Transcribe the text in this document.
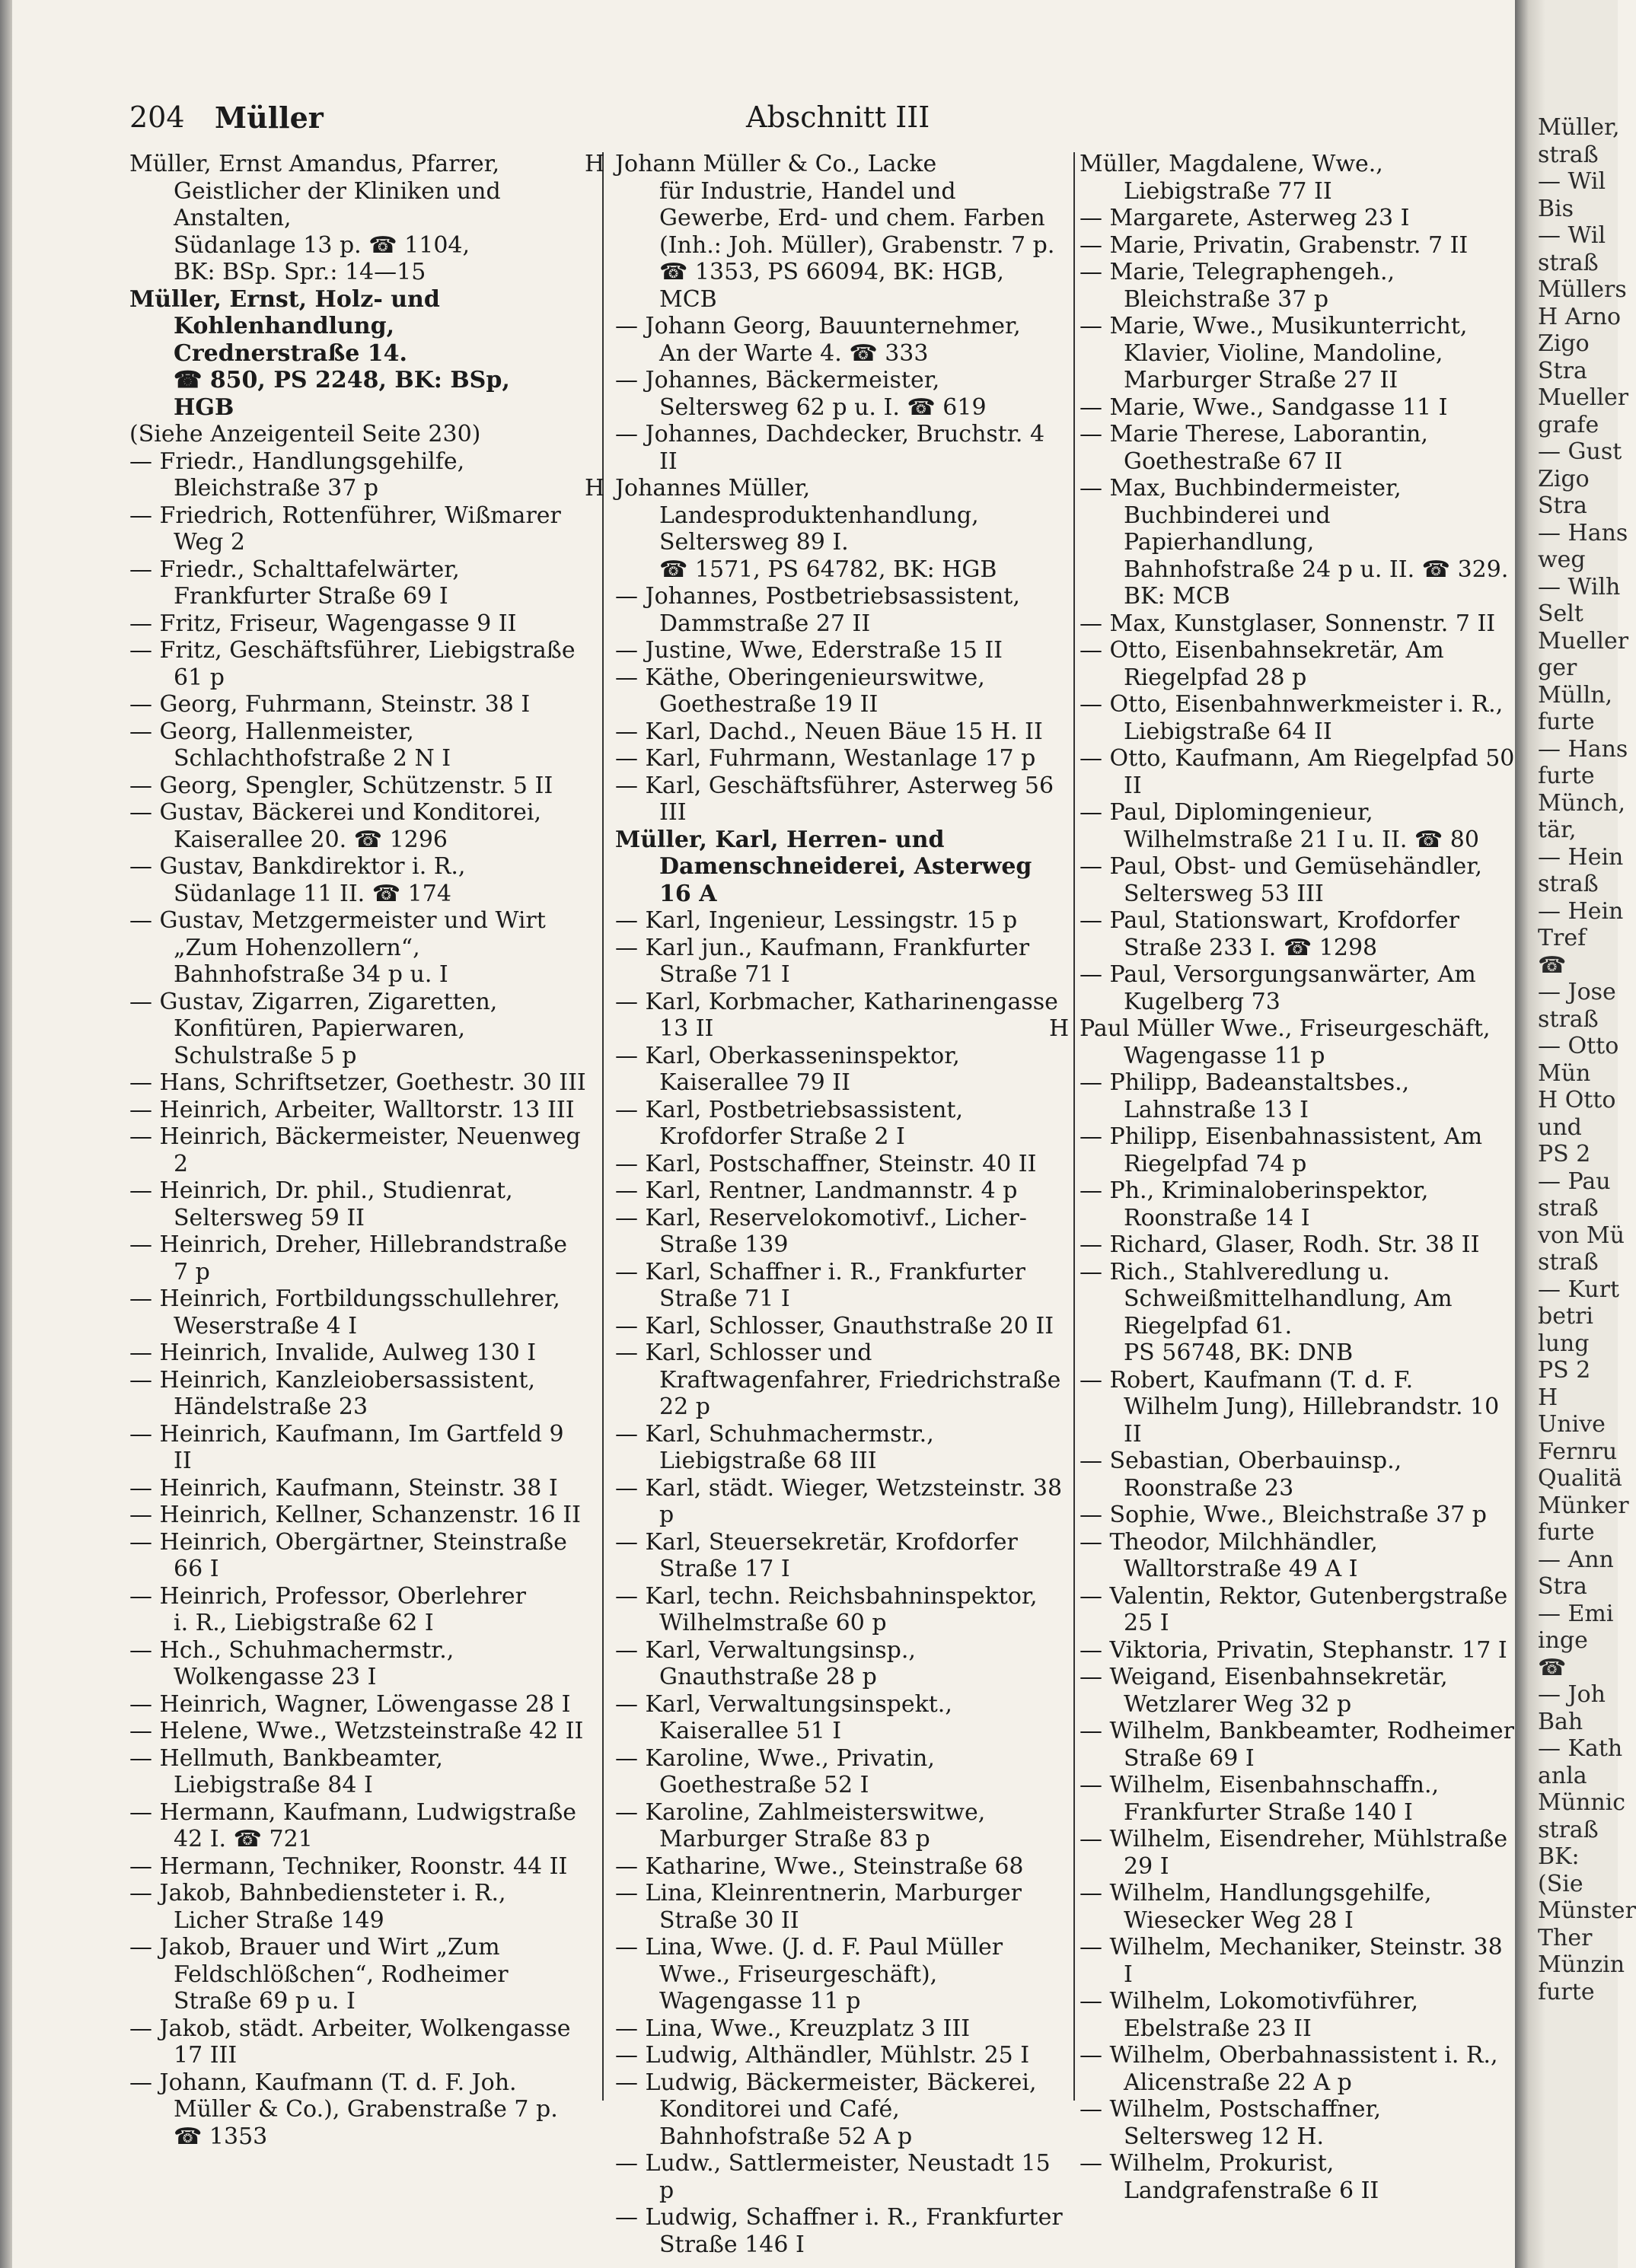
204 Müller	Abschnitt III

Müller, Ernst Amandus, Pfarrer, Geistlicher der Kliniken und Anstalten,
Südanlage 13 p. ☎ 1104,
BK: BSp. Spr.: 14—15

Müller, Ernst, Holz- und Kohlenhandlung, Crednerstraße 14.
☎ 850, PS 2248, BK: BSp,
HGB

(Siehe Anzeigenteil Seite 230)

— Friedr., Handlungsgehilfe, Bleichstraße 37 p

— Friedrich, Rottenführer, Wißmarer Weg 2

— Friedr., Schalttafelwärter, Frankfurter Straße 69 I

— Fritz, Friseur, Wagengasse 9 II

— Fritz, Geschäftsführer, Liebigstraße 61 p

— Georg, Fuhrmann, Steinstr. 38 I

— Georg, Hallenmeister, Schlachthofstraße 2 N I

— Georg, Spengler, Schützenstr. 5 II

— Gustav, Bäckerei und Konditorei,
Kaiserallee 20. ☎ 1296

— Gustav, Bankdirektor i. R., Südanlage 11 II. ☎ 174

— Gustav, Metzgermeister und Wirt
„Zum Hohenzollern“, Bahnhofstraße 34 p u. I

— Gustav, Zigarren, Zigaretten,
Konfitüren, Papierwaren, Schulstraße 5 p

— Hans, Schriftsetzer, Goethestr. 30 III

— Heinrich, Arbeiter, Walltorstr. 13 III

— Heinrich, Bäckermeister, Neuenweg 2

— Heinrich, Dr. phil., Studienrat,
Seltersweg 59 II

— Heinrich, Dreher, Hillebrandstraße 7 p

— Heinrich, Fortbildungsschullehrer,
Weserstraße 4 I

— Heinrich, Invalide, Aulweg 130 I

— Heinrich, Kanzleiobersassistent,
Händelstraße 23

— Heinrich, Kaufmann, Im Gartfeld 9 II

— Heinrich, Kaufmann, Steinstr. 38 I

— Heinrich, Kellner, Schanzenstr. 16 II

— Heinrich, Obergärtner, Steinstraße 66 I

— Heinrich, Professor, Oberlehrer
i. R., Liebigstraße 62 I

— Hch., Schuhmachermstr., Wolkengasse 23 I

— Heinrich, Wagner, Löwengasse 28 I

— Helene, Wwe., Wetzsteinstraße 42 II

— Hellmuth, Bankbeamter, Liebigstraße 84 I

— Hermann, Kaufmann, Ludwigstraße 42 I. ☎ 721

— Hermann, Techniker, Roonstr. 44 II

— Jakob, Bahnbediensteter i. R.,
Licher Straße 149

— Jakob, Brauer und Wirt „Zum
Feldschlößchen“, Rodheimer
Straße 69 p u. I

— Jakob, städt. Arbeiter, Wolkengasse 17 III

— Johann, Kaufmann (T. d. F. Joh.
Müller & Co.), Grabenstraße 7 p.
☎ 1353

H Johann Müller & Co., Lacke
für Industrie, Handel und Gewerbe, Erd- und chem. Farben
(Inh.: Joh. Müller), Grabenstr. 7 p.
☎ 1353, PS 66094, BK: HGB,
MCB

— Johann Georg, Bauunternehmer,
An der Warte 4. ☎ 333

— Johannes, Bäckermeister, Seltersweg 62 p u. I. ☎ 619

— Johannes, Dachdecker, Bruchstr. 4 II

H Johannes Müller, Landesproduktenhandlung, Seltersweg 89 I.
☎ 1571, PS 64782, BK: HGB

— Johannes, Postbetriebsassistent,
Dammstraße 27 II

— Justine, Wwe, Ederstraße 15 II

— Käthe, Oberingenieurswitwe,
Goethestraße 19 II

— Karl, Dachd., Neuen Bäue 15 H. II

— Karl, Fuhrmann, Westanlage 17 p

— Karl, Geschäftsführer, Asterweg 56 III

Müller, Karl, Herren- und Damenschneiderei, Asterweg 16 A

— Karl, Ingenieur, Lessingstr. 15 p

— Karl jun., Kaufmann, Frankfurter Straße 71 I

— Karl, Korbmacher, Katharinengasse 13 II

— Karl, Oberkasseninspektor, Kaiserallee 79 II

— Karl, Postbetriebsassistent, Krofdorfer Straße 2 I

— Karl, Postschaffner, Steinstr. 40 II

— Karl, Rentner, Landmannstr. 4 p

— Karl, Reservelokomotivf., Licher-Straße 139

— Karl, Schaffner i. R., Frankfurter
Straße 71 I

— Karl, Schlosser, Gnauthstraße 20 II

— Karl, Schlosser und Kraftwagenfahrer, Friedrichstraße 22 p

— Karl, Schuhmachermstr., Liebigstraße 68 III

— Karl, städt. Wieger, Wetzsteinstr. 38 p

— Karl, Steuersekretär, Krofdorfer
Straße 17 I

— Karl, techn. Reichsbahninspektor,
Wilhelmstraße 60 p

— Karl, Verwaltungsinsp., Gnauthstraße 28 p

— Karl, Verwaltungsinspekt., Kaiserallee 51 I

— Karoline, Wwe., Privatin, Goethestraße 52 I

— Karoline, Zahlmeisterswitwe, Marburger Straße 83 p

— Katharine, Wwe., Steinstraße 68

— Lina, Kleinrentnerin, Marburger
Straße 30 II

— Lina, Wwe. (J. d. F. Paul Müller
Wwe., Friseurgeschäft), Wagengasse 11 p

— Lina, Wwe., Kreuzplatz 3 III

— Ludwig, Althändler, Mühlstr. 25 I

— Ludwig, Bäckermeister, Bäckerei,
Konditorei und Café, Bahnhofstraße 52 A p

— Ludw., Sattlermeister, Neustadt 15 p

— Ludwig, Schaffner i. R., Frankfurter Straße 146 I

Müller, Magdalene, Wwe., Liebigstraße 77 II

— Margarete, Asterweg 23 I

— Marie, Privatin, Grabenstr. 7 II

— Marie, Telegraphengeh., Bleichstraße 37 p

— Marie, Wwe., Musikunterricht,
Klavier, Violine, Mandoline, Marburger Straße 27 II

— Marie, Wwe., Sandgasse 11 I

— Marie Therese, Laborantin,
Goethestraße 67 II

— Max, Buchbindermeister, Buchbinderei und Papierhandlung,
Bahnhofstraße 24 p u. II. ☎ 329.
BK: MCB

— Max, Kunstglaser, Sonnenstr. 7 II

— Otto, Eisenbahnsekretär, Am Riegelpfad 28 p

— Otto, Eisenbahnwerkmeister i. R.,
Liebigstraße 64 II

— Otto, Kaufmann, Am Riegelpfad 50 II

— Paul, Diplomingenieur, Wilhelmstraße 21 I u. II. ☎ 80

— Paul, Obst- und Gemüsehändler,
Seltersweg 53 III

— Paul, Stationswart, Krofdorfer
Straße 233 I. ☎ 1298

— Paul, Versorgungsanwärter, Am
Kugelberg 73

H Paul Müller Wwe., Friseurgeschäft, Wagengasse 11 p

— Philipp, Badeanstaltsbes., Lahnstraße 13 I

— Philipp, Eisenbahnassistent, Am
Riegelpfad 74 p

— Ph., Kriminaloberinspektor, Roonstraße 14 I

— Richard, Glaser, Rodh. Str. 38 II

— Rich., Stahlveredlung u. Schweißmittelhandlung, Am Riegelpfad 61.
PS 56748, BK: DNB

— Robert, Kaufmann (T. d. F. Wilhelm Jung), Hillebrandstr. 10 II

— Sebastian, Oberbauinsp., Roonstraße 23

— Sophie, Wwe., Bleichstraße 37 p

— Theodor, Milchhändler, Walltorstraße 49 A I

— Valentin, Rektor, Gutenbergstraße 25 I

— Viktoria, Privatin, Stephanstr. 17 I

— Weigand, Eisenbahnsekretär, Wetzlarer Weg 32 p

— Wilhelm, Bankbeamter, Rodheimer
Straße 69 I

— Wilhelm, Eisenbahnschaffn., Frankfurter Straße 140 I

— Wilhelm, Eisendreher, Mühlstraße 29 I

— Wilhelm, Handlungsgehilfe, Wiesecker Weg 28 I

— Wilhelm, Mechaniker, Steinstr. 38 I

— Wilhelm, Lokomotivführer, Ebelstraße 23 II

— Wilhelm, Oberbahnassistent i. R.,
Alicenstraße 22 A p

— Wilhelm, Postschaffner, Seltersweg 12 H.

— Wilhelm, Prokurist, Landgrafenstraße 6 II

Müller,
straß
— Wil
Bis
— Wil
straß
Müllers
H Arno
Zigo
Stra
Mueller
grafe
— Gust
Zigo
Stra
— Hans
weg
— Wilh
Selt
Mueller
ger
Mülln,
furte
— Hans
furte
Münch,
tär,
— Hein
straß
— Hein
Tref
☎
— Jose
straß
— Otto
Mün
H Otto
und
PS 2
— Pau
straß
von Mü
straß
— Kurt
betri
lung
PS 2
H
Unive
Fernru
Qualitä
Münker
furte
— Ann
Stra
— Emi
inge
☎
— Joh
Bah
— Kath
anla
Münnic
straß
BK:
(Sie
Münster
Ther
Münzin
furte
